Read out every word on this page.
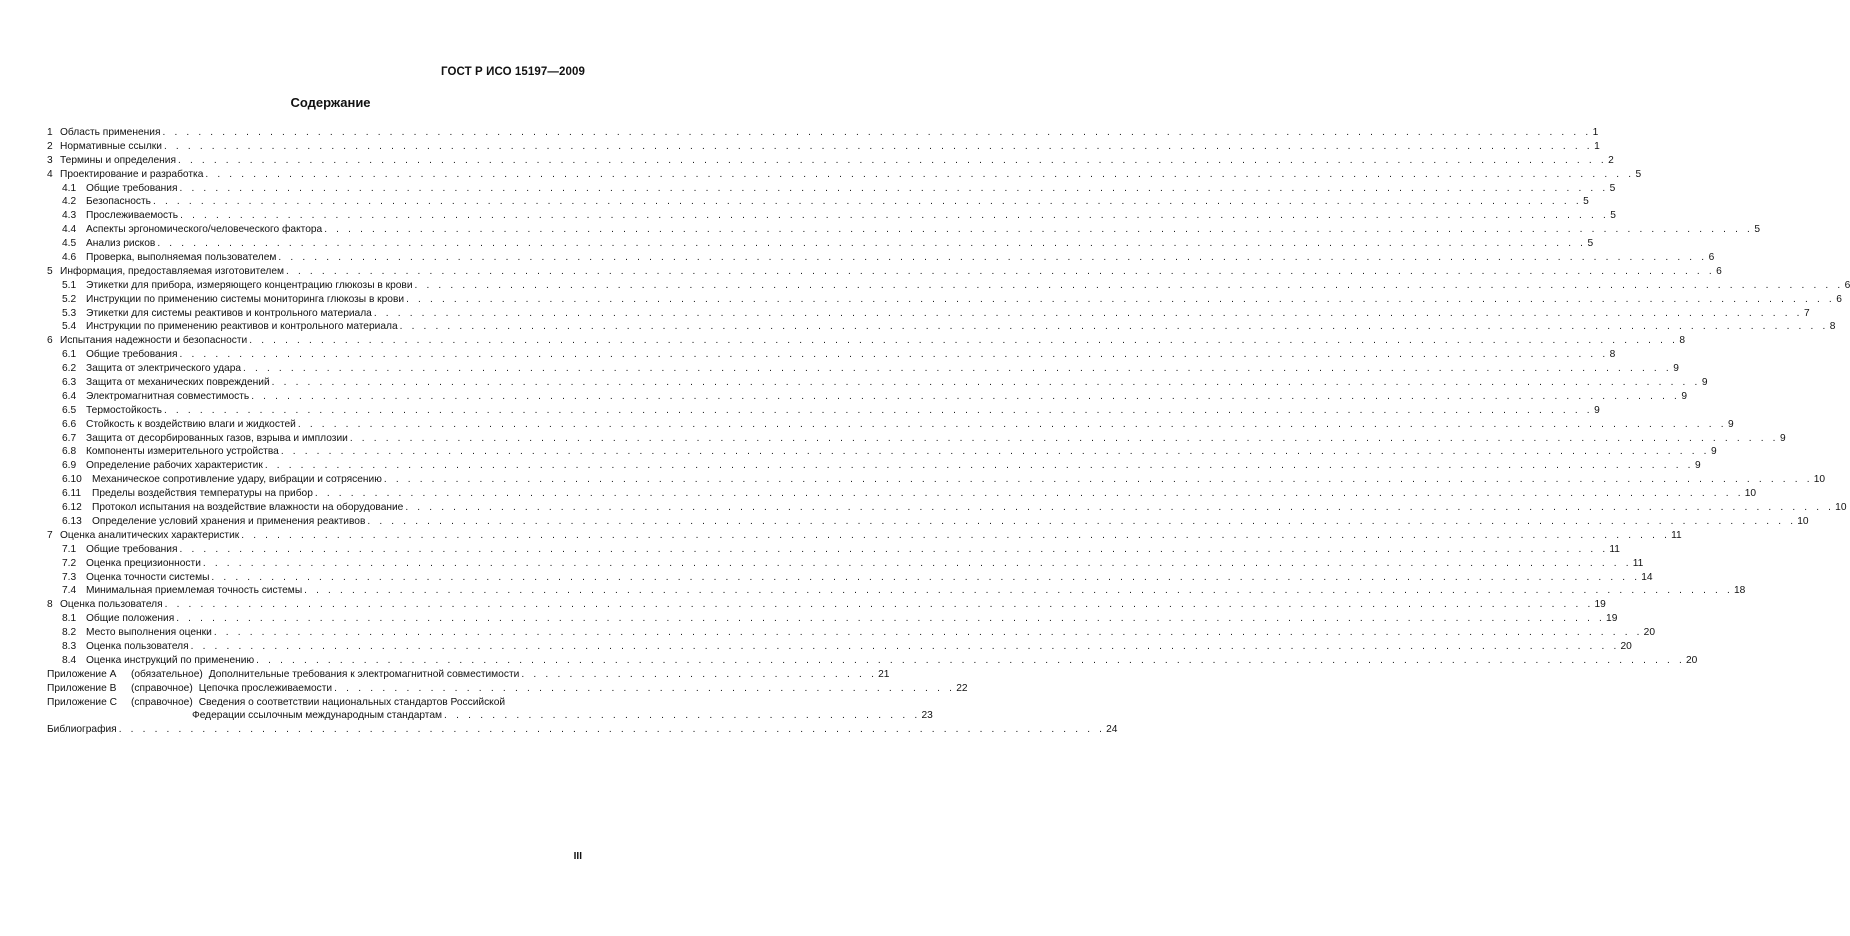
ГОСТ Р ИСО 15197—2009
Содержание
1 Область применения . . . . . . . . . . . . . . . . . . . . . . . . . . . . . . . . . . . . . . . . . . . . . . . . . . . . . . . . . . . . . . . . . . . . . . . . . . . . . . . . . . . . . . . . . . . . . . . . . . . . . . . . . . . . . . . . . . . . . . . . 1
2 Нормативные ссылки . . . . . . . . . . . . . . . . . . . . . . . . . . . . . . . . . . . . . . . . . . . . . . . . . . . . . . . . . . . . . . . . . . . . . . . . . . . . . . . . . . . . . . . . . . . . . . . . . . . . . . . . . . . . . . . . . . . . . . . . 1
3 Термины и определения . . . . . . . . . . . . . . . . . . . . . . . . . . . . . . . . . . . . . . . . . . . . . . . . . . . . . . . . . . . . . . . . . . . . . . . . . . . . . . . . . . . . . . . . . . . . . . . . . . . . . . . . . . . . . . . . . . . . . . . . 2
4 Проектирование и разработка . . . . . . . . . . . . . . . . . . . . . . . . . . . . . . . . . . . . . . . . . . . . . . . . . . . . . . . . . . . . . . . . . . . . . . . . . . . . . . . . . . . . . . . . . . . . . . . . . . . . . . . . . . . . . . . . . . . . . . . . 5
4.1 Общие требования . . . . . . . . . . . . . . . . . . . . . . . . . . . . . . . . . . . . . . . . . . . . . . . . . . . . . . . . . . . . . . . . . . . . . . . . . . . . . . . . . . . . . . . . . . . . . . . . . . . . . . . . . . . . . . . . . . . . . . . . 5
4.2 Безопасность . . . . . . . . . . . . . . . . . . . . . . . . . . . . . . . . . . . . . . . . . . . . . . . . . . . . . . . . . . . . . . . . . . . . . . . . . . . . . . . . . . . . . . . . . . . . . . . . . . . . . . . . . . . . . . . . . . . . . . . . 5
4.3 Прослеживаемость . . . . . . . . . . . . . . . . . . . . . . . . . . . . . . . . . . . . . . . . . . . . . . . . . . . . . . . . . . . . . . . . . . . . . . . . . . . . . . . . . . . . . . . . . . . . . . . . . . . . . . . . . . . . . . . . . . . . . . . . 5
4.4 Аспекты эргономического/человеческого фактора . . . . . . . . . . . . . . . . . . . . . . . . . . . . . . . . . . . . . . . . . . . . . . . . . . . . . . . . . . . . . . . . . . . . . . . . . . . . . . . . . . . . . . . . . . . . . . . . . . . . . . . . . . . . . . . . . . . . . . . . 5
4.5 Анализ рисков . . . . . . . . . . . . . . . . . . . . . . . . . . . . . . . . . . . . . . . . . . . . . . . . . . . . . . . . . . . . . . . . . . . . . . . . . . . . . . . . . . . . . . . . . . . . . . . . . . . . . . . . . . . . . . . . . . . . . . . . 5
4.6 Проверка, выполняемая пользователем . . . . . . . . . . . . . . . . . . . . . . . . . . . . . . . . . . . . . . . . . . . . . . . . . . . . . . . . . . . . . . . . . . . . . . . . . . . . . . . . . . . . . . . . . . . . . . . . . . . . . . . . . . . . . . . . . . . . . . . . 6
5 Информация, предоставляемая изготовителем . . . . . . . . . . . . . . . . . . . . . . . . . . . . . . . . . . . . . . . . . . . . . . . . . . . . . . . . . . . . . . . . . . . . . . . . . . . . . . . . . . . . . . . . . . . . . . . . . . . . . . . . . . . . . . . . . . . . . . . . 6
5.1 Этикетки для прибора, измеряющего концентрацию глюкозы в крови . . . . . . . . . . . . . . . . . . . . . . . . . . . . . . . . . . . . . . . . . . . . . . . . . . . . . . . . . . . . . . . . . . . . . . . . . . . . . . . . . . . . . . . . . . . . . . . . . . . . . . . . . . . . . . . . . . . . . . . . 6
5.2 Инструкции по применению системы мониторинга глюкозы в крови . . . . . . . . . . . . . . . . . . . . . . . . . . . . . . . . . . . . . . . . . . . . . . . . . . . . . . . . . . . . . . . . . . . . . . . . . . . . . . . . . . . . . . . . . . . . . . . . . . . . . . . . . . . . . . . . . . . . . . . . 6
5.3 Этикетки для системы реактивов и контрольного материала . . . . . . . . . . . . . . . . . . . . . . . . . . . . . . . . . . . . . . . . . . . . . . . . . . . . . . . . . . . . . . . . . . . . . . . . . . . . . . . . . . . . . . . . . . . . . . . . . . . . . . . . . . . . . . . . . . . . . . . . 7
5.4 Инструкции по применению реактивов и контрольного материала . . . . . . . . . . . . . . . . . . . . . . . . . . . . . . . . . . . . . . . . . . . . . . . . . . . . . . . . . . . . . . . . . . . . . . . . . . . . . . . . . . . . . . . . . . . . . . . . . . . . . . . . . . . . . . . . . . . . . . . . 8
6 Испытания надежности и безопасности . . . . . . . . . . . . . . . . . . . . . . . . . . . . . . . . . . . . . . . . . . . . . . . . . . . . . . . . . . . . . . . . . . . . . . . . . . . . . . . . . . . . . . . . . . . . . . . . . . . . . . . . . . . . . . . . . . . . . . . . 8
6.1 Общие требования . . . . . . . . . . . . . . . . . . . . . . . . . . . . . . . . . . . . . . . . . . . . . . . . . . . . . . . . . . . . . . . . . . . . . . . . . . . . . . . . . . . . . . . . . . . . . . . . . . . . . . . . . . . . . . . . . . . . . . . . 8
6.2 Защита от электрического удара . . . . . . . . . . . . . . . . . . . . . . . . . . . . . . . . . . . . . . . . . . . . . . . . . . . . . . . . . . . . . . . . . . . . . . . . . . . . . . . . . . . . . . . . . . . . . . . . . . . . . . . . . . . . . . . . . . . . . . . . 9
6.3 Защита от механических повреждений . . . . . . . . . . . . . . . . . . . . . . . . . . . . . . . . . . . . . . . . . . . . . . . . . . . . . . . . . . . . . . . . . . . . . . . . . . . . . . . . . . . . . . . . . . . . . . . . . . . . . . . . . . . . . . . . . . . . . . . . 9
6.4 Электромагнитная совместимость . . . . . . . . . . . . . . . . . . . . . . . . . . . . . . . . . . . . . . . . . . . . . . . . . . . . . . . . . . . . . . . . . . . . . . . . . . . . . . . . . . . . . . . . . . . . . . . . . . . . . . . . . . . . . . . . . . . . . . . . 9
6.5 Термостойкость . . . . . . . . . . . . . . . . . . . . . . . . . . . . . . . . . . . . . . . . . . . . . . . . . . . . . . . . . . . . . . . . . . . . . . . . . . . . . . . . . . . . . . . . . . . . . . . . . . . . . . . . . . . . . . . . . . . . . . . . 9
6.6 Стойкость к воздействию влаги и жидкостей . . . . . . . . . . . . . . . . . . . . . . . . . . . . . . . . . . . . . . . . . . . . . . . . . . . . . . . . . . . . . . . . . . . . . . . . . . . . . . . . . . . . . . . . . . . . . . . . . . . . . . . . . . . . . . . . . . . . . . . . 9
6.7 Защита от десорбированных газов, взрыва и имплозии . . . . . . . . . . . . . . . . . . . . . . . . . . . . . . . . . . . . . . . . . . . . . . . . . . . . . . . . . . . . . . . . . . . . . . . . . . . . . . . . . . . . . . . . . . . . . . . . . . . . . . . . . . . . . . . . . . . . . . . . 9
6.8 Компоненты измерительного устройства . . . . . . . . . . . . . . . . . . . . . . . . . . . . . . . . . . . . . . . . . . . . . . . . . . . . . . . . . . . . . . . . . . . . . . . . . . . . . . . . . . . . . . . . . . . . . . . . . . . . . . . . . . . . . . . . . . . . . . . . 9
6.9 Определение рабочих характеристик . . . . . . . . . . . . . . . . . . . . . . . . . . . . . . . . . . . . . . . . . . . . . . . . . . . . . . . . . . . . . . . . . . . . . . . . . . . . . . . . . . . . . . . . . . . . . . . . . . . . . . . . . . . . . . . . . . . . . . . . 9
6.10 Механическое сопротивление удару, вибрации и сотрясению . . . . . . . . . . . . . . . . . . . . . . . . . . . . . . . . . . . . . . . . . . . . . . . . . . . . . . . . . . . . . . . . . . . . . . . . . . . . . . . . . . . . . . . . . . . . . . . . . . . . . . . . . . . . . . . . . . . . . . . . 10
6.11	Пределы воздействия температуры на прибор . . . . . . . . . . . . . . . . . . . . . . . . . . . . . . . . . . . . . . . . . . . . . . . . . . . . . . . . . . . . . . . . . . . . . . . . . . . . . . . . . . . . . . . . . . . . . . . . . . . . . . . . . . . . . . . . . . . . . . . . 10
6.12 Протокол испытания на воздействие влажности на оборудование . . . . . . . . . . . . . . . . . . . . . . . . . . . . . . . . . . . . . . . . . . . . . . . . . . . . . . . . . . . . . . . . . . . . . . . . . . . . . . . . . . . . . . . . . . . . . . . . . . . . . . . . . . . . . . . . . . . . . . . . 10
6.13 Определение условий хранения и применения реактивов . . . . . . . . . . . . . . . . . . . . . . . . . . . . . . . . . . . . . . . . . . . . . . . . . . . . . . . . . . . . . . . . . . . . . . . . . . . . . . . . . . . . . . . . . . . . . . . . . . . . . . . . . . . . . . . . . . . . . . . . 10
7 Оценка аналитических характеристик . . . . . . . . . . . . . . . . . . . . . . . . . . . . . . . . . . . . . . . . . . . . . . . . . . . . . . . . . . . . . . . . . . . . . . . . . . . . . . . . . . . . . . . . . . . . . . . . . . . . . . . . . . . . . . . . . . . . . . . . 11
7.1 Общие требования . . . . . . . . . . . . . . . . . . . . . . . . . . . . . . . . . . . . . . . . . . . . . . . . . . . . . . . . . . . . . . . . . . . . . . . . . . . . . . . . . . . . . . . . . . . . . . . . . . . . . . . . . . . . . . . . . . . . . . . . 11
7.2 Оценка прецизионности . . . . . . . . . . . . . . . . . . . . . . . . . . . . . . . . . . . . . . . . . . . . . . . . . . . . . . . . . . . . . . . . . . . . . . . . . . . . . . . . . . . . . . . . . . . . . . . . . . . . . . . . . . . . . . . . . . . . . . . . 11
7.3 Оценка точности системы . . . . . . . . . . . . . . . . . . . . . . . . . . . . . . . . . . . . . . . . . . . . . . . . . . . . . . . . . . . . . . . . . . . . . . . . . . . . . . . . . . . . . . . . . . . . . . . . . . . . . . . . . . . . . . . . . . . . . . . . 14
7.4 Минимальная приемлемая точность системы . . . . . . . . . . . . . . . . . . . . . . . . . . . . . . . . . . . . . . . . . . . . . . . . . . . . . . . . . . . . . . . . . . . . . . . . . . . . . . . . . . . . . . . . . . . . . . . . . . . . . . . . . . . . . . . . . . . . . . . . 18
8 Оценка пользователя . . . . . . . . . . . . . . . . . . . . . . . . . . . . . . . . . . . . . . . . . . . . . . . . . . . . . . . . . . . . . . . . . . . . . . . . . . . . . . . . . . . . . . . . . . . . . . . . . . . . . . . . . . . . . . . . . . . . . . . . 19
8.1 Общие положения . . . . . . . . . . . . . . . . . . . . . . . . . . . . . . . . . . . . . . . . . . . . . . . . . . . . . . . . . . . . . . . . . . . . . . . . . . . . . . . . . . . . . . . . . . . . . . . . . . . . . . . . . . . . . . . . . . . . . . . . 19
8.2 Место выполнения оценки . . . . . . . . . . . . . . . . . . . . . . . . . . . . . . . . . . . . . . . . . . . . . . . . . . . . . . . . . . . . . . . . . . . . . . . . . . . . . . . . . . . . . . . . . . . . . . . . . . . . . . . . . . . . . . . . . . . . . . . . 20
8.3 Оценка пользователя . . . . . . . . . . . . . . . . . . . . . . . . . . . . . . . . . . . . . . . . . . . . . . . . . . . . . . . . . . . . . . . . . . . . . . . . . . . . . . . . . . . . . . . . . . . . . . . . . . . . . . . . . . . . . . . . . . . . . . . . 20
8.4 Оценка инструкций по применению . . . . . . . . . . . . . . . . . . . . . . . . . . . . . . . . . . . . . . . . . . . . . . . . . . . . . . . . . . . . . . . . . . . . . . . . . . . . . . . . . . . . . . . . . . . . . . . . . . . . . . . . . . . . . . . . . . . . . . . . 20
Приложение А	(обязательное) Дополнительные требования к электромагнитной совместимости . . . . . . . . . . . . . . . . . . . . . . . . . . . . . . 21
Приложение В	(справочное) Цепочка прослеживаемости . . . . . . . . . . . . . . . . . . . . . . . . . . . . . . . . . . . . . . . . . . . . . . . . . . . . 22
Приложение С	(справочное) Сведения о соответствии национальных стандартов Российской
Федерации ссылочным международным стандартам . . . . . . . . . . . . . . . . . . . . . . . . . . . . . . . . . . . . . . . . 23
Библиография . . . . . . . . . . . . . . . . . . . . . . . . . . . . . . . . . . . . . . . . . . . . . . . . . . . . . . . . . . . . . . . . . . . . . . . . . . . . . . . . . . . 24
III
